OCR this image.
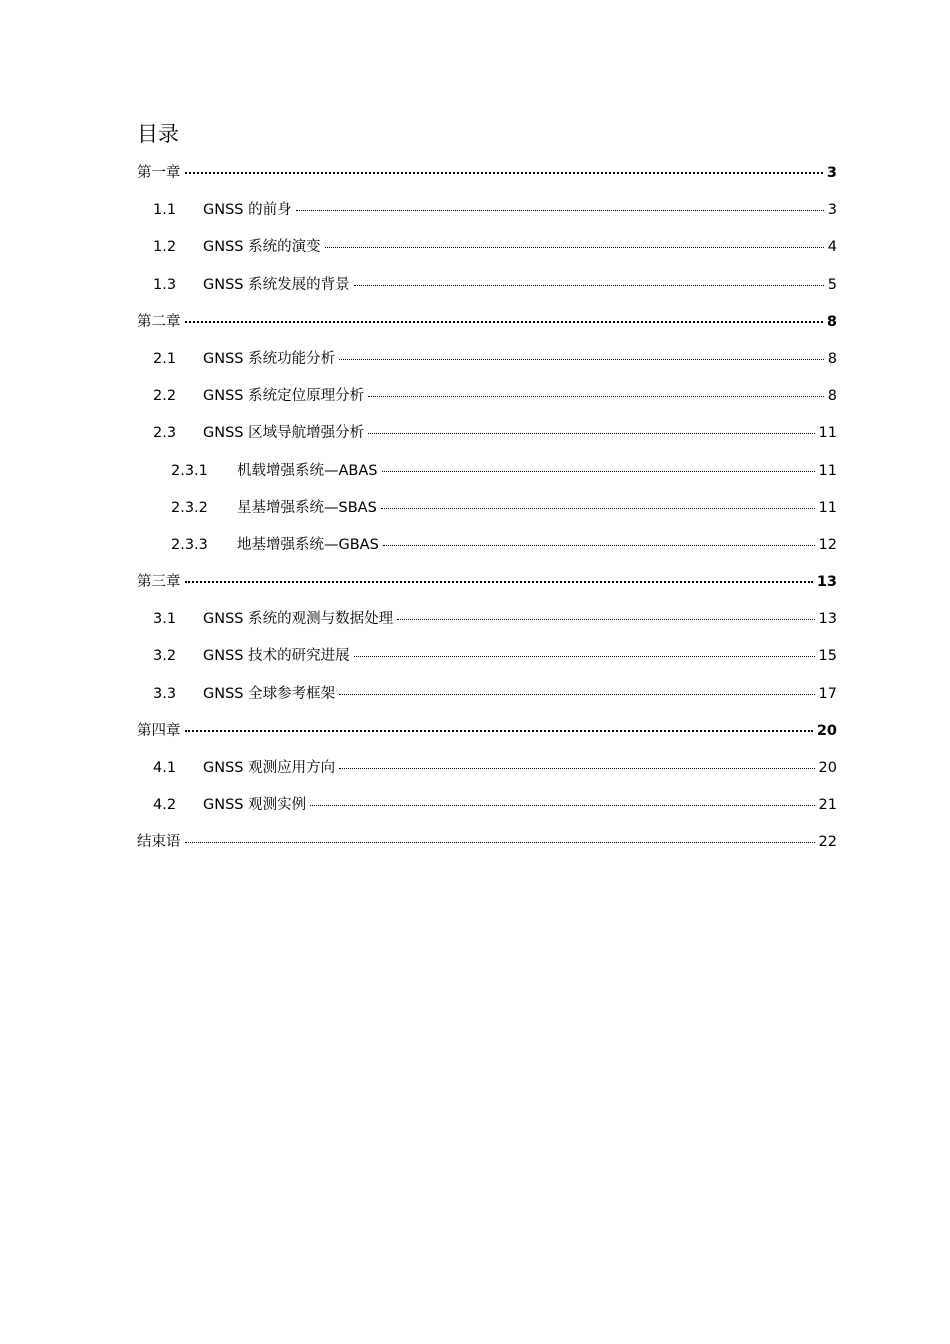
目录
第一章	3
1.1	GNSS 的前身	3
1.2	GNSS 系统的演变	4
1.3	GNSS 系统发展的背景	5
第二章	8
2.1	GNSS 系统功能分析	8
2.2	GNSS 系统定位原理分析	8
2.3	GNSS 区域导航增强分析	11
2.3.1	机载增强系统—ABAS	11
2.3.2	星基增强系统—SBAS	11
2.3.3	地基增强系统—GBAS	12
第三章	13
3.1	GNSS 系统的观测与数据处理	13
3.2	GNSS 技术的研究进展	15
3.3	GNSS 全球参考框架	17
第四章	20
4.1	GNSS 观测应用方向	20
4.2	GNSS 观测实例	21
结束语	22
